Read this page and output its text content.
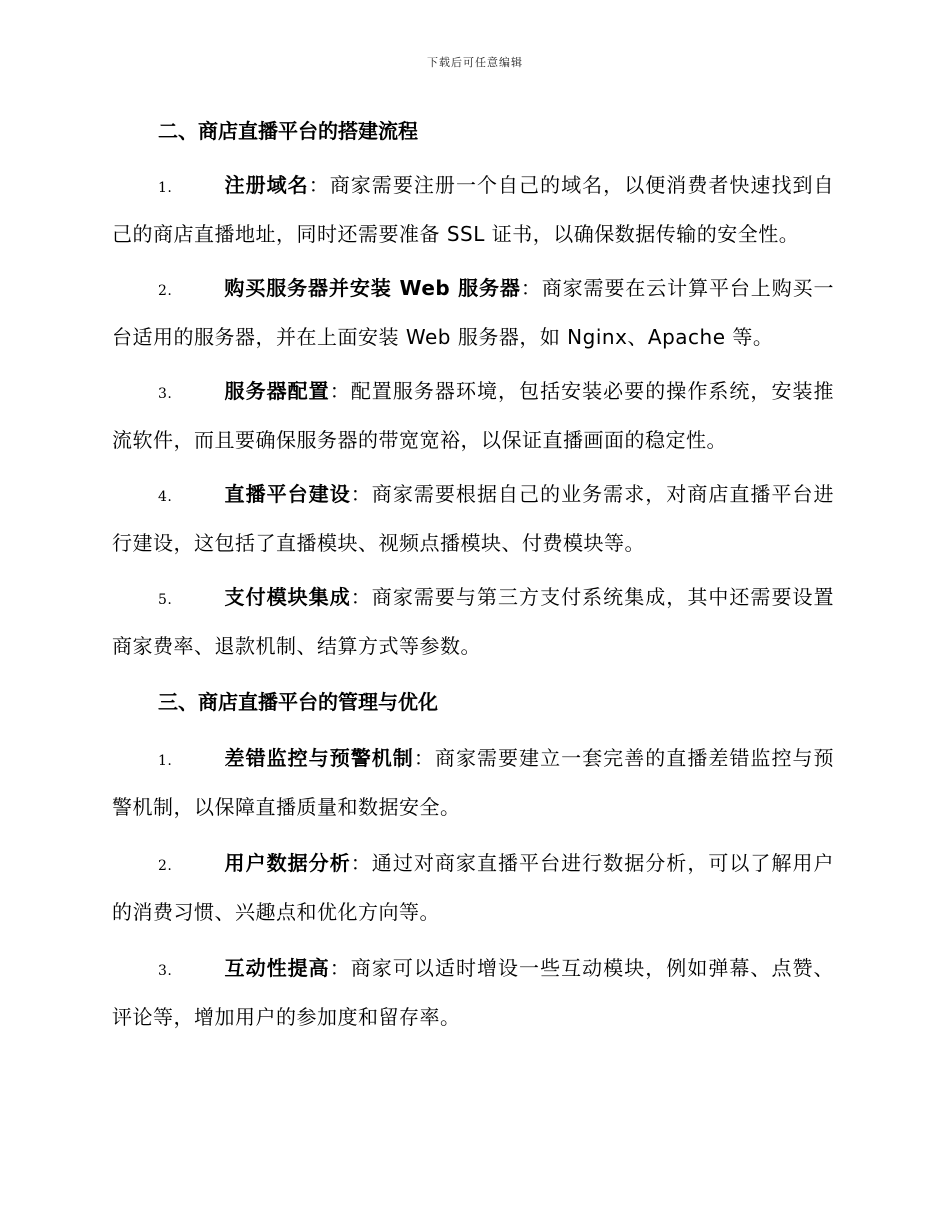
下载后可任意编辑
二、商店直播平台的搭建流程
1.	注册域名：商家需要注册一个自己的域名，以便消费者快速找到自己的商店直播地址，同时还需要准备 SSL 证书，以确保数据传输的安全性。
2.	购买服务器并安装 Web 服务器：商家需要在云计算平台上购买一台适用的服务器，并在上面安装 Web 服务器，如 Nginx、Apache 等。
3.	服务器配置：配置服务器环境，包括安装必要的操作系统，安装推流软件，而且要确保服务器的带宽宽裕，以保证直播画面的稳定性。
4.	直播平台建设：商家需要根据自己的业务需求，对商店直播平台进行建设，这包括了直播模块、视频点播模块、付费模块等。
5.	支付模块集成：商家需要与第三方支付系统集成，其中还需要设置商家费率、退款机制、结算方式等参数。
三、商店直播平台的管理与优化
1.	差错监控与预警机制：商家需要建立一套完善的直播差错监控与预警机制，以保障直播质量和数据安全。
2.	用户数据分析：通过对商家直播平台进行数据分析，可以了解用户的消费习惯、兴趣点和优化方向等。
3.	互动性提高：商家可以适时增设一些互动模块，例如弹幕、点赞、评论等，增加用户的参加度和留存率。
